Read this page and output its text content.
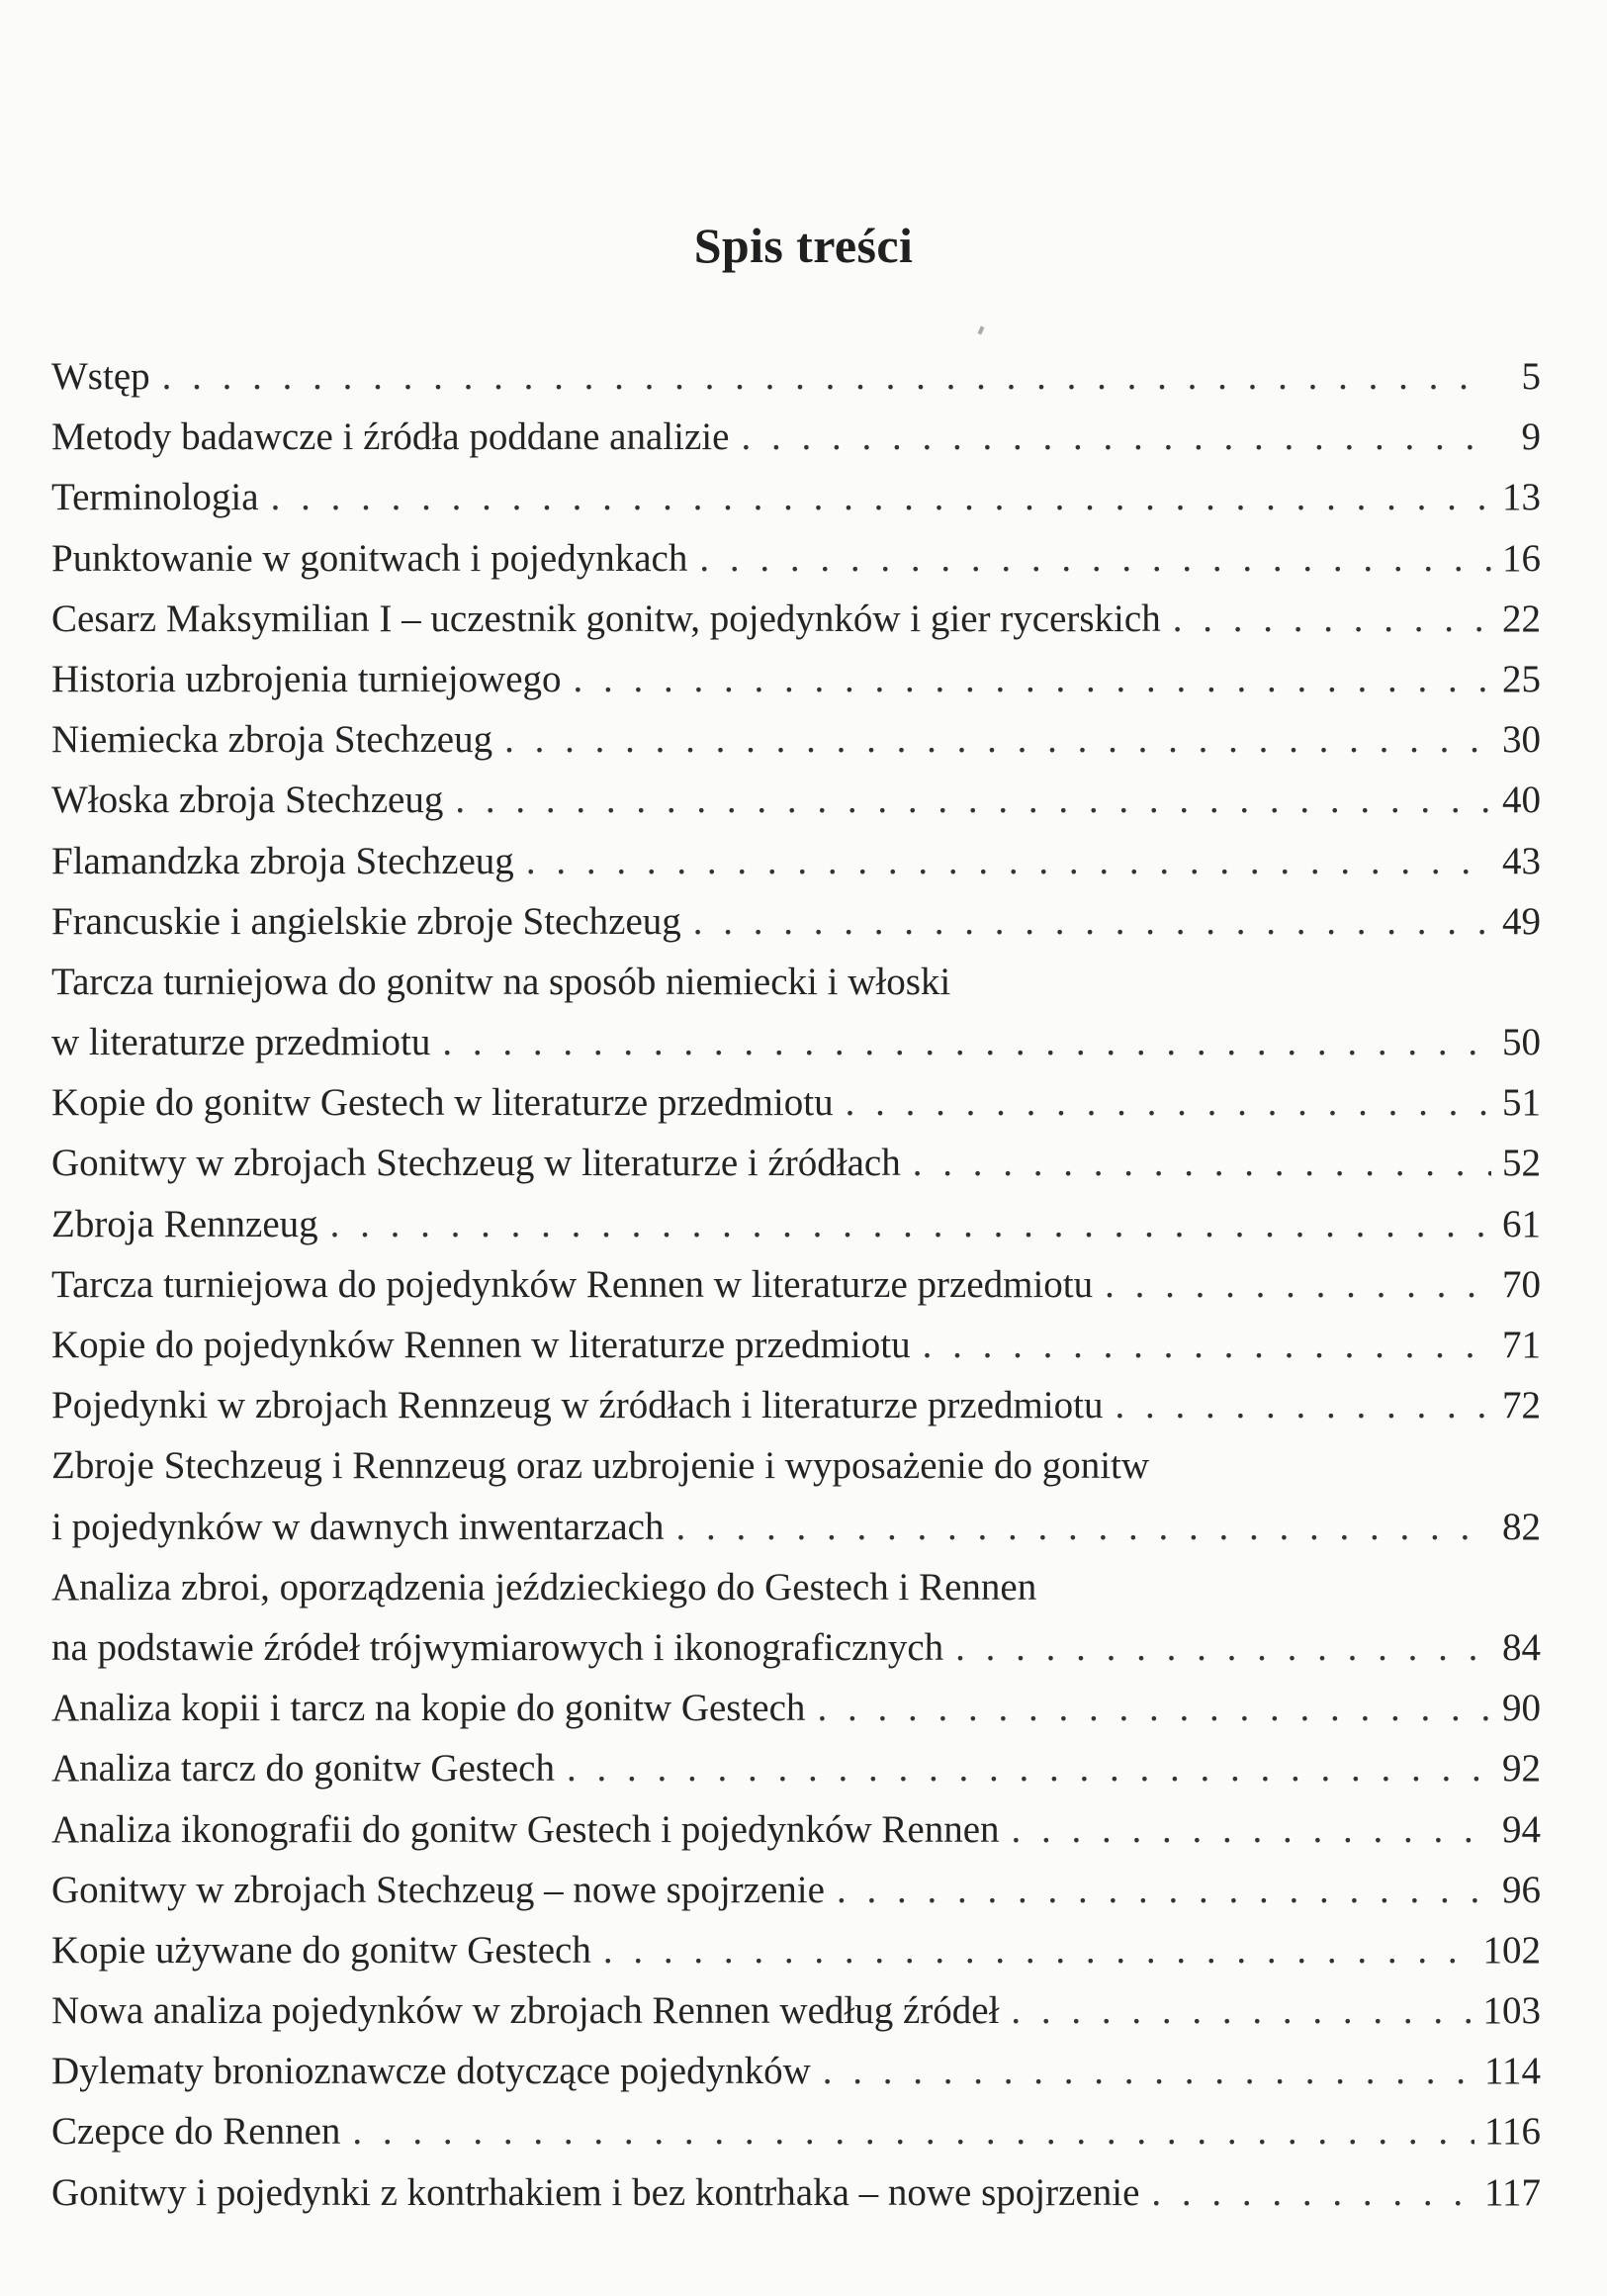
Spis treści
Wstęp . . .	5
Metody badawcze i źródła poddane analizie . . .	9
Terminologia . . .	13
Punktowanie w gonitwach i pojedynkach . . .	16
Cesarz Maksymilian I – uczestnik gonitw, pojedynków i gier rycerskich . . .	22
Historia uzbrojenia turniejowego . . .	25
Niemiecka zbroja Stechzeug . . .	30
Włoska zbroja Stechzeug . . .	40
Flamandzka zbroja Stechzeug . . .	43
Francuskie i angielskie zbroje Stechzeug . . .	49
Tarcza turniejowa do gonitw na sposób niemiecki i włoski
w literaturze przedmiotu . . .	50
Kopie do gonitw Gestech w literaturze przedmiotu . . .	51
Gonitwy w zbrojach Stechzeug w literaturze i źródłach . . .	52
Zbroja Rennzeug . . .	61
Tarcza turniejowa do pojedynków Rennen w literaturze przedmiotu . . .	70
Kopie do pojedynków Rennen w literaturze przedmiotu . . .	71
Pojedynki w zbrojach Rennzeug w źródłach i literaturze przedmiotu . . .	72
Zbroje Stechzeug i Rennzeug oraz uzbrojenie i wyposażenie do gonitw
i pojedynków w dawnych inwentarzach . . .	82
Analiza zbroi, oporządzenia jeździeckiego do Gestech i Rennen
na podstawie źródeł trójwymiarowych i ikonograficznych . . .	84
Analiza kopii i tarcz na kopie do gonitw Gestech . . .	90
Analiza tarcz do gonitw Gestech . . .	92
Analiza ikonografii do gonitw Gestech i pojedynków Rennen . . .	94
Gonitwy w zbrojach Stechzeug – nowe spojrzenie . . .	96
Kopie używane do gonitw Gestech . . .	102
Nowa analiza pojedynków w zbrojach Rennen według źródeł . . .	103
Dylematy bronioznawcze dotyczące pojedynków . . .	114
Czepce do Rennen . . .	116
Gonitwy i pojedynki z kontrhakiem i bez kontrhaka – nowe spojrzenie . . .	117
